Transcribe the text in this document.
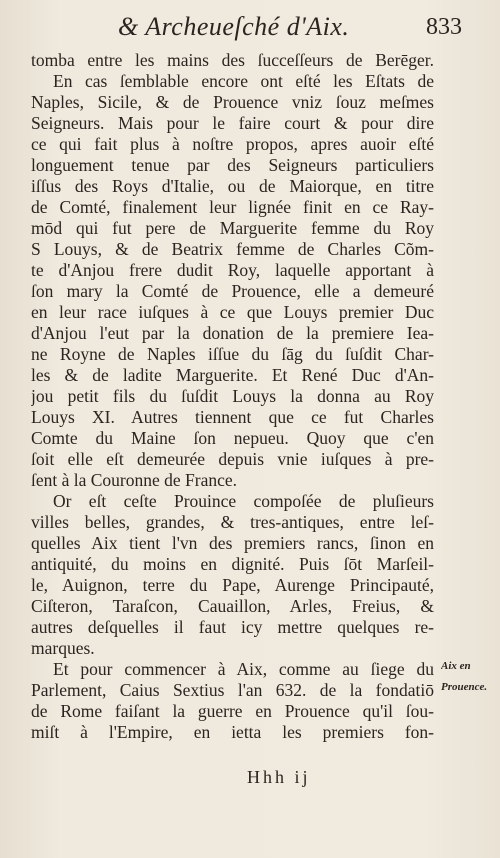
& Archeueſché d'Aix.	833
tomba entre les mains des ſucceſſeurs de Berēger.
En cas ſemblable encore ont eſté les Eſtats de
Naples, Sicile, & de Prouence vniz ſouz meſmes
Seigneurs. Mais pour le faire court & pour dire
ce qui fait plus à noſtre propos, apres auoir eſté
longuement tenue par des Seigneurs particuliers
iſſus des Roys d'Italie, ou de Maiorque, en titre
de Comté, finalement leur lignée finit en ce Ray-
mōd qui fut pere de Marguerite femme du Roy
S Louys, & de Beatrix femme de Charles Cõm-
te d'Anjou frere dudit Roy, laquelle apportant à
ſon mary la Comté de Prouence, elle a demeuré
en leur race iuſques à ce que Louys premier Duc
d'Anjou l'eut par la donation de la premiere Iea-
ne Royne de Naples iſſue du ſāg du ſuſdit Char-
les & de ladite Marguerite. Et René Duc d'An-
jou petit fils du ſuſdit Louys la donna au Roy
Louys XI. Autres tiennent que ce fut Charles
Comte du Maine ſon nepueu. Quoy que c'en
ſoit elle eſt demeurée depuis vnie iuſques à pre-
ſent à la Couronne de France.
Or eſt ceſte Prouince compoſée de pluſieurs
villes belles, grandes, & tres-antiques, entre leſ-
quelles Aix tient l'vn des premiers rancs, ſinon en
antiquité, du moins en dignité. Puis ſōt Marſeil-
le, Auignon, terre du Pape, Aurenge Principauté,
Ciſteron, Taraſcon, Cauaillon, Arles, Freius, &
autres deſquelles il faut icy mettre quelques re-
marques.
Et pour commencer à Aix, comme au ſiege du
Parlement, Caius Sextius l'an 632. de la fondatiō
de Rome faiſant la guerre en Prouence qu'il ſou-
miſt à l'Empire, en ietta les premiers fon-
Aix en
Prouence.
Hhh ij
